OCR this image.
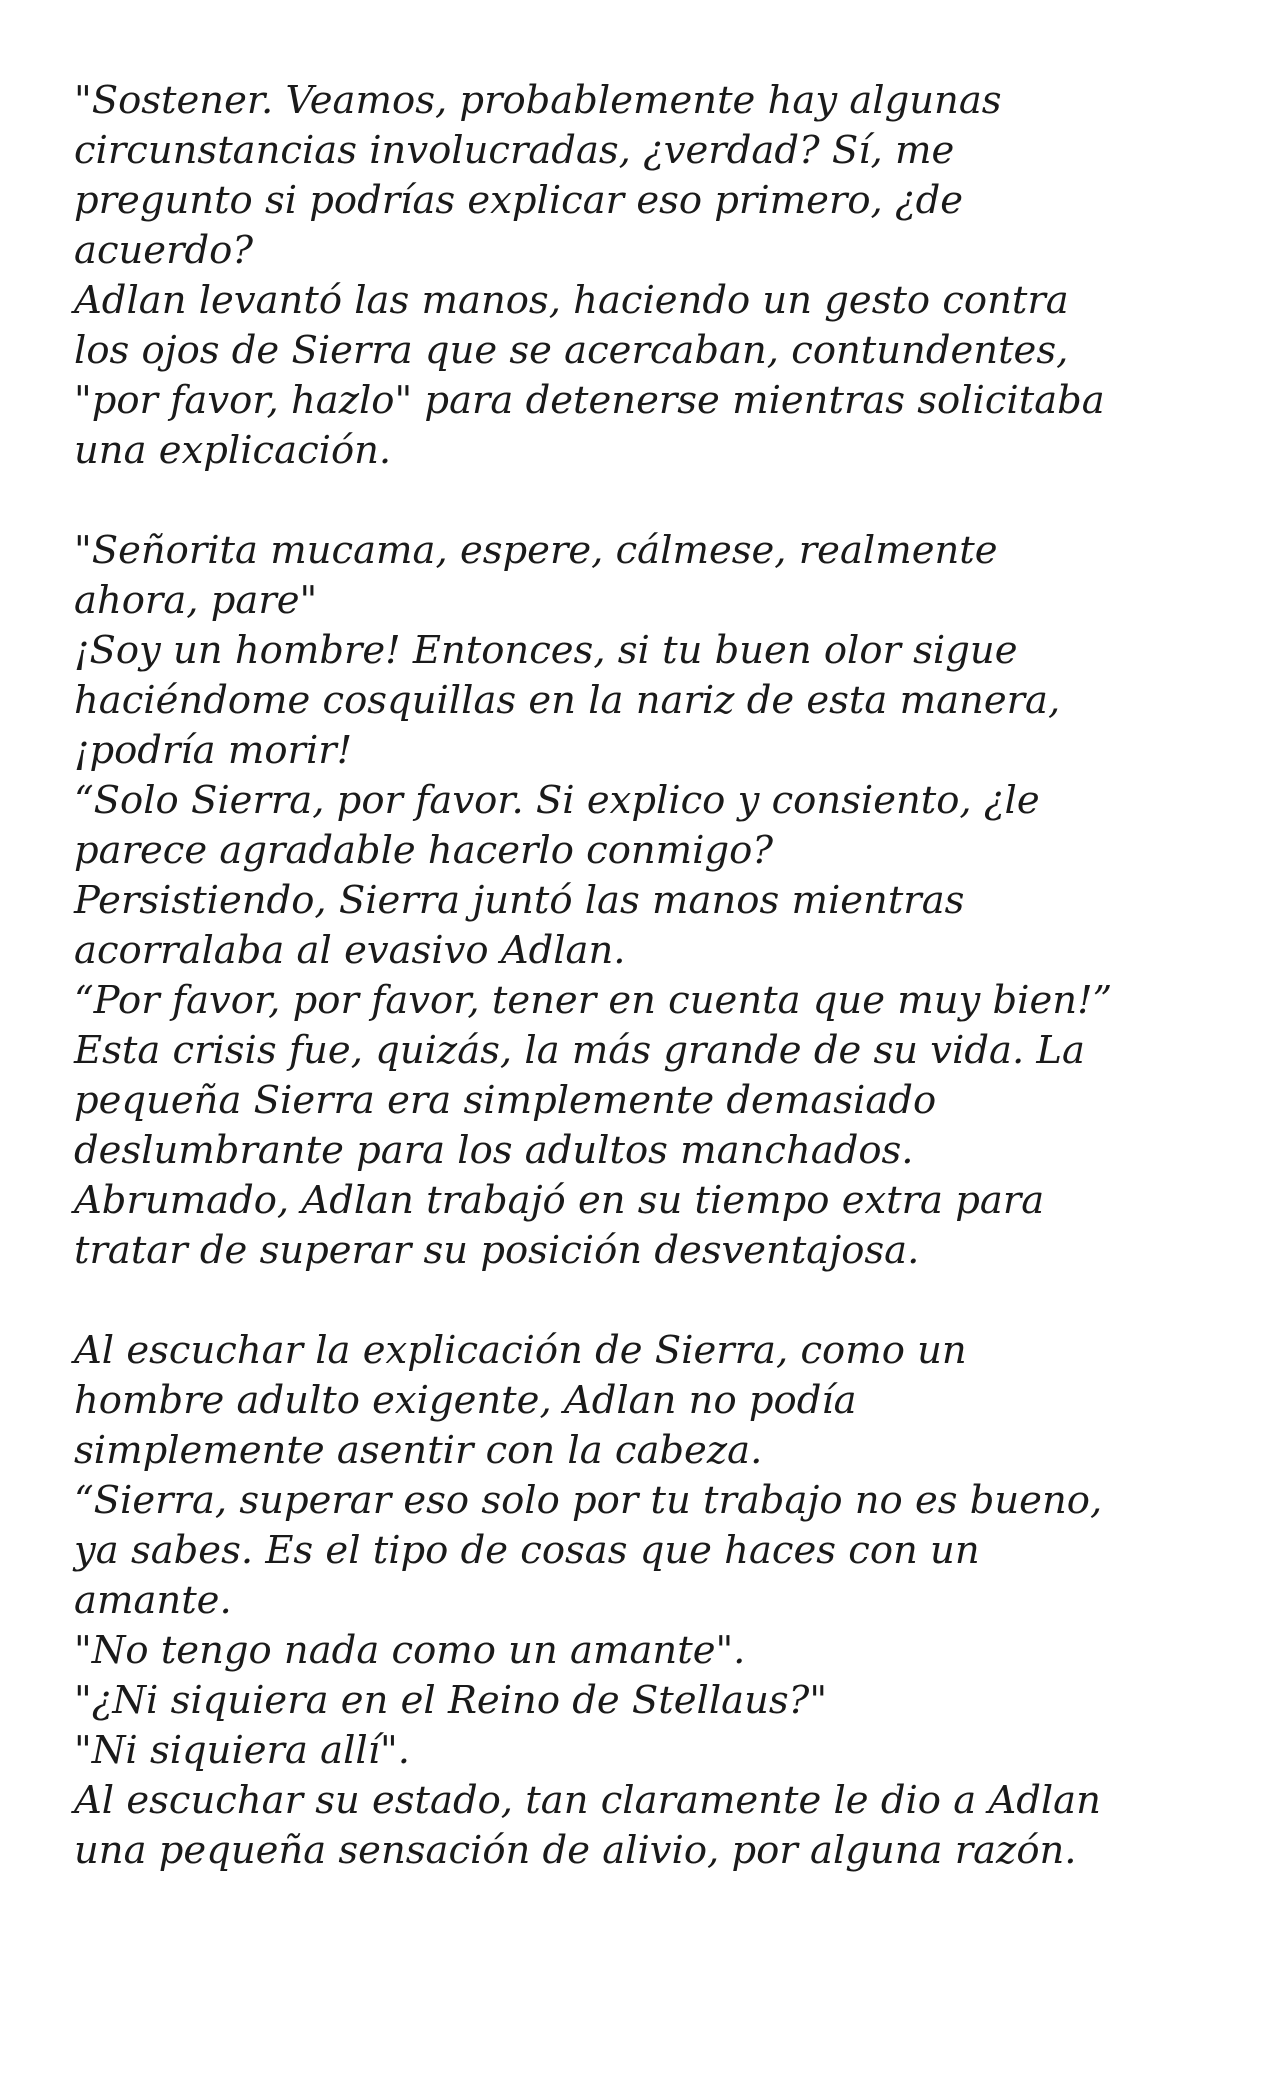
"Sostener. Veamos, probablemente hay algunas
circunstancias involucradas, ¿verdad? Sí, me
pregunto si podrías explicar eso primero, ¿de
acuerdo?
Adlan levantó las manos, haciendo un gesto contra
los ojos de Sierra que se acercaban, contundentes,
"por favor, hazlo" para detenerse mientras solicitaba
una explicación.
"Señorita mucama, espere, cálmese, realmente
ahora, pare"
¡Soy un hombre! Entonces, si tu buen olor sigue
haciéndome cosquillas en la nariz de esta manera,
¡podría morir!
“Solo Sierra, por favor. Si explico y consiento, ¿le
parece agradable hacerlo conmigo?
Persistiendo, Sierra juntó las manos mientras
acorralaba al evasivo Adlan.
“Por favor, por favor, tener en cuenta que muy bien!”
Esta crisis fue, quizás, la más grande de su vida. La
pequeña Sierra era simplemente demasiado
deslumbrante para los adultos manchados.
Abrumado, Adlan trabajó en su tiempo extra para
tratar de superar su posición desventajosa.
Al escuchar la explicación de Sierra, como un
hombre adulto exigente, Adlan no podía
simplemente asentir con la cabeza.
“Sierra, superar eso solo por tu trabajo no es bueno,
ya sabes. Es el tipo de cosas que haces con un
amante.
"No tengo nada como un amante".
"¿Ni siquiera en el Reino de Stellaus?"
"Ni siquiera allí".
Al escuchar su estado, tan claramente le dio a Adlan
una pequeña sensación de alivio, por alguna razón.
